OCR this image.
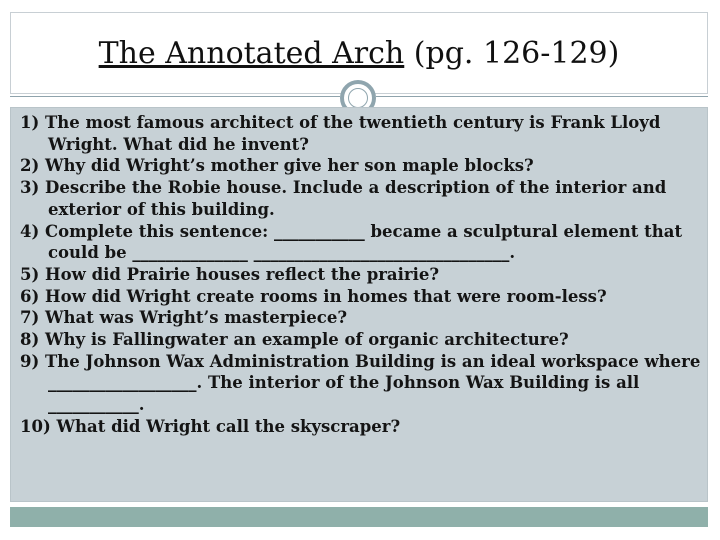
The Annotated Arch (pg. 126-129)
1) The most famous architect of the twentieth century is Frank Lloyd Wright. What did he invent?
2) Why did Wright’s mother give her son maple blocks?
3) Describe the Robie house. Include a description of the interior and exterior of this building.
4) Complete this sentence: ___________ became a sculptural element that could be ______________ _______________________________.
5) How did Prairie houses reflect the prairie?
6) How did Wright create rooms in homes that were room-less?
7) What was Wright’s masterpiece?
8) Why is Fallingwater an example of organic architecture?
9) The Johnson Wax Administration Building is an ideal workspace where __________________. The interior of the Johnson Wax Building is all ___________.
10) What did Wright call the skyscraper?
